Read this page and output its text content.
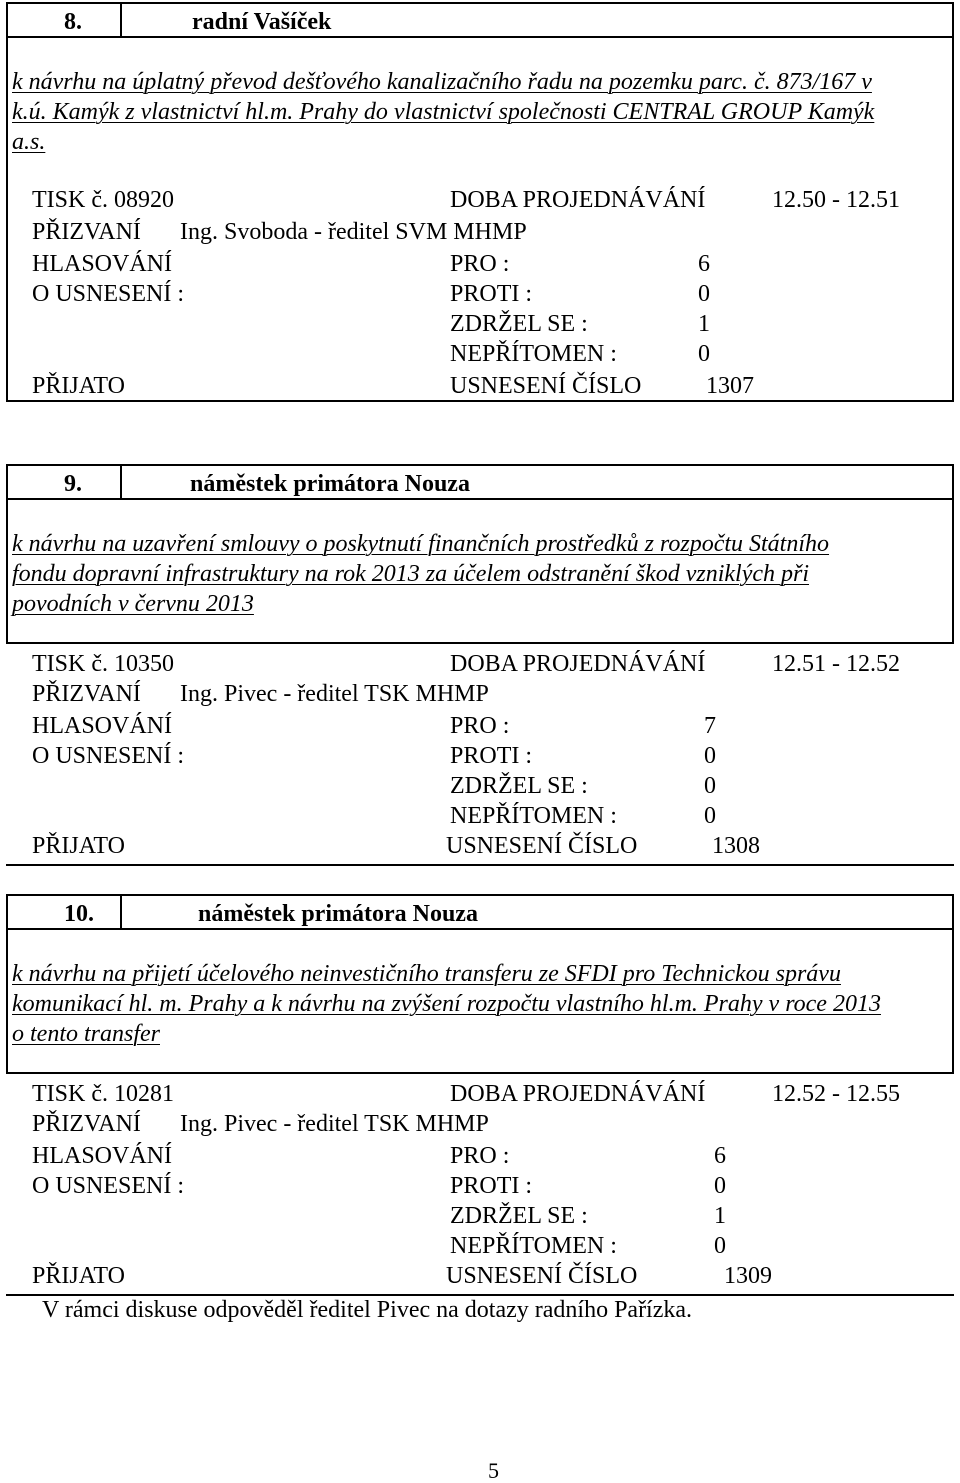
8.	radní Vašíček
k návrhu na úplatný převod dešťového kanalizačního řadu na pozemku parc. č. 873/167 v
k.ú. Kamýk z vlastnictví hl.m. Prahy do vlastnictví společnosti CENTRAL GROUP Kamýk
a.s.
TISK č. 08920	DOBA PROJEDNÁVÁNÍ	12.50 - 12.51
PŘIZVANÍ Ing. Svoboda - ředitel SVM MHMP
HLASOVÁNÍ	PRO :	6
O USNESENÍ :	PROTI :	0
ZDRŽEL SE :	1
NEPŘÍTOMEN :	0
PŘIJATO	USNESENÍ ČÍSLO	1307
9.	náměstek primátora Nouza
k návrhu na uzavření smlouvy o poskytnutí finančních prostředků z rozpočtu Státního
fondu dopravní infrastruktury na rok 2013 za účelem odstranění škod vzniklých při
povodních v červnu 2013
TISK č. 10350	DOBA PROJEDNÁVÁNÍ	12.51 - 12.52
PŘIZVANÍ Ing. Pivec - ředitel TSK MHMP
HLASOVÁNÍ	PRO :	7
O USNESENÍ :	PROTI :	0
ZDRŽEL SE :	0
NEPŘÍTOMEN :	0
PŘIJATO	USNESENÍ ČÍSLO	1308
10.	náměstek primátora Nouza
k návrhu na přijetí účelového neinvestičního transferu ze SFDI pro Technickou správu
komunikací hl. m. Prahy a k návrhu na zvýšení rozpočtu vlastního hl.m. Prahy v roce 2013
o tento transfer
TISK č. 10281	DOBA PROJEDNÁVÁNÍ	12.52 - 12.55
PŘIZVANÍ Ing. Pivec - ředitel TSK MHMP
HLASOVÁNÍ	PRO :	6
O USNESENÍ :	PROTI :	0
ZDRŽEL SE :	1
NEPŘÍTOMEN :	0
PŘIJATO	USNESENÍ ČÍSLO	1309
V rámci diskuse odpověděl ředitel Pivec na dotazy radního Pařízka.
5
